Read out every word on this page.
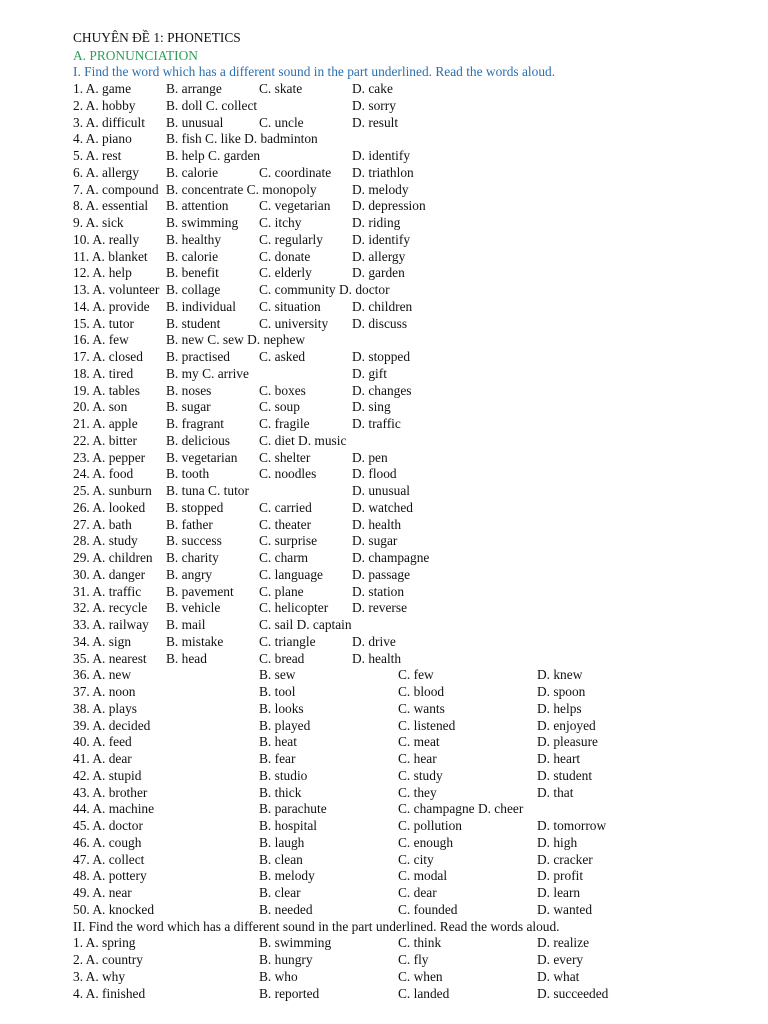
CHUYÊN ĐỀ 1: PHONETICS
A. PRONUNCIATION
I. Find the word which has a different sound in the part underlined. Read the words aloud.
1. A. game	B. arrange	C. skate	D. cake
2. A. hobby B. doll C. collect	D. sorry
3. A. difficult B. unusual	C. uncle	D. result
4. A. piano	B. fish C. like D. badminton
5. A. rest	B. help C. garden	D. identify
6. A. allergy B. calorie	C. coordinate D. triathlon
7. A. compound B. concentrate C. monopoly	D. melody
8. A. essential B. attention C. vegetarian D. depression
9. A. sick	B. swimming C. itchy	D. riding
10. A. really B. healthy	C. regularly D. identify
11. A. blanket B. calorie	C. donate	D. allergy
12. A. help	B. benefit	C. elderly	D. garden
13. A. volunteer B. collage	C. community D. doctor
14. A. provide B. individual C. situation D. children
15. A. tutor B. student	C. university D. discuss
16. A. few	B. new C. sew D. nephew
17. A. closed B. practised C. asked	D. stopped
18. A. tired B. my C. arrive	D. gift
19. A. tables B. noses	C. boxes	D. changes
20. A. son	B. sugar	C. soup	D. sing
21. A. apple B. fragrant	C. fragile	D. traffic
22. A. bitter B. delicious C. diet D. music
23. A. pepper B. vegetarian C. shelter	D. pen
24. A. food B. tooth	C. noodles	D. flood
25. A. sunburn B. tuna C. tutor	D. unusual
26. A. looked B. stopped	C. carried	D. watched
27. A. bath	B. father	C. theater	D. health
28. A. study B. success	C. surprise	D. sugar
29. A. children B. charity	C. charm	D. champagne
30. A. danger B. angry	C. language D. passage
31. A. traffic B. pavement C. plane	D. station
32. A. recycle B. vehicle	C. helicopter D. reverse
33. A. railway B. mail	C. sail D. captain
34. A. sign	B. mistake	C. triangle	D. drive
35. A. nearest B. head	C. bread	D. health
36. A. new	B. sew	C. few	D. knew
37. A. noon	B. tool	C. blood	D. spoon
38. A. plays	B. looks	C. wants	D. helps
39. A. decided	B. played	C. listened	D. enjoyed
40. A. feed	B. heat	C. meat	D. pleasure
41. A. dear	B. fear	C. hear	D. heart
42. A. stupid	B. studio	C. study	D. student
43. A. brother	B. thick	C. they	D. that
44. A. machine	B. parachute	C. champagne D. cheer
45. A. doctor	B. hospital	C. pollution	D. tomorrow
46. A. cough	B. laugh	C. enough	D. high
47. A. collect	B. clean	C. city	D. cracker
48. A. pottery	B. melody	C. modal	D. profit
49. A. near	B. clear	C. dear	D. learn
50. A. knocked	B. needed	C. founded	D. wanted
II. Find the word which has a different sound in the part underlined. Read the words aloud.
1. A. spring	B. swimming	C. think	D. realize
2. A. country	B. hungry	C. fly	D. every
3. A. why	B. who	C. when	D. what
4. A. finished	B. reported	C. landed	D. succeeded
